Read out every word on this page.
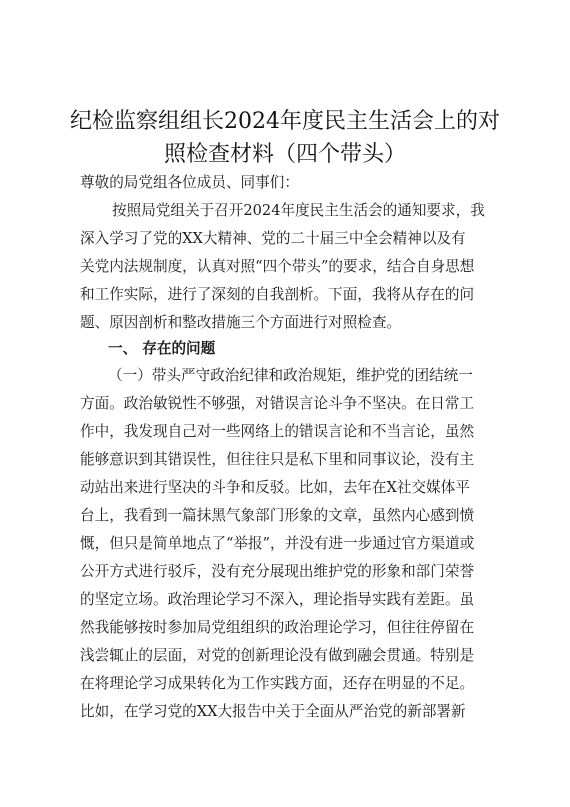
纪检监察组组长2024年度民主生活会上的对
照检查材料（四个带头）
尊敬的局党组各位成员、同事们：
按照局党组关于召开2024年度民主生活会的通知要求，我
深入学习了党的XX大精神、党的二十届三中全会精神以及有
关党内法规制度，认真对照“四个带头”的要求，结合自身思想
和工作实际，进行了深刻的自我剖析。下面，我将从存在的问
题、原因剖析和整改措施三个方面进行对照检查。
一、 存在的问题
（一）带头严守政治纪律和政治规矩，维护党的团结统一
方面。政治敏锐性不够强，对错误言论斗争不坚决。在日常工
作中，我发现自己对一些网络上的错误言论和不当言论，虽然
能够意识到其错误性，但往往只是私下里和同事议论，没有主
动站出来进行坚决的斗争和反驳。比如，去年在X社交媒体平
台上，我看到一篇抹黑气象部门形象的文章，虽然内心感到愤
慨，但只是简单地点了“举报”，并没有进一步通过官方渠道或
公开方式进行驳斥，没有充分展现出维护党的形象和部门荣誉
的坚定立场。政治理论学习不深入，理论指导实践有差距。虽
然我能够按时参加局党组组织的政治理论学习，但往往停留在
浅尝辄止的层面，对党的创新理论没有做到融会贯通。特别是
在将理论学习成果转化为工作实践方面，还存在明显的不足。
比如，在学习党的XX大报告中关于全面从严治党的新部署新
